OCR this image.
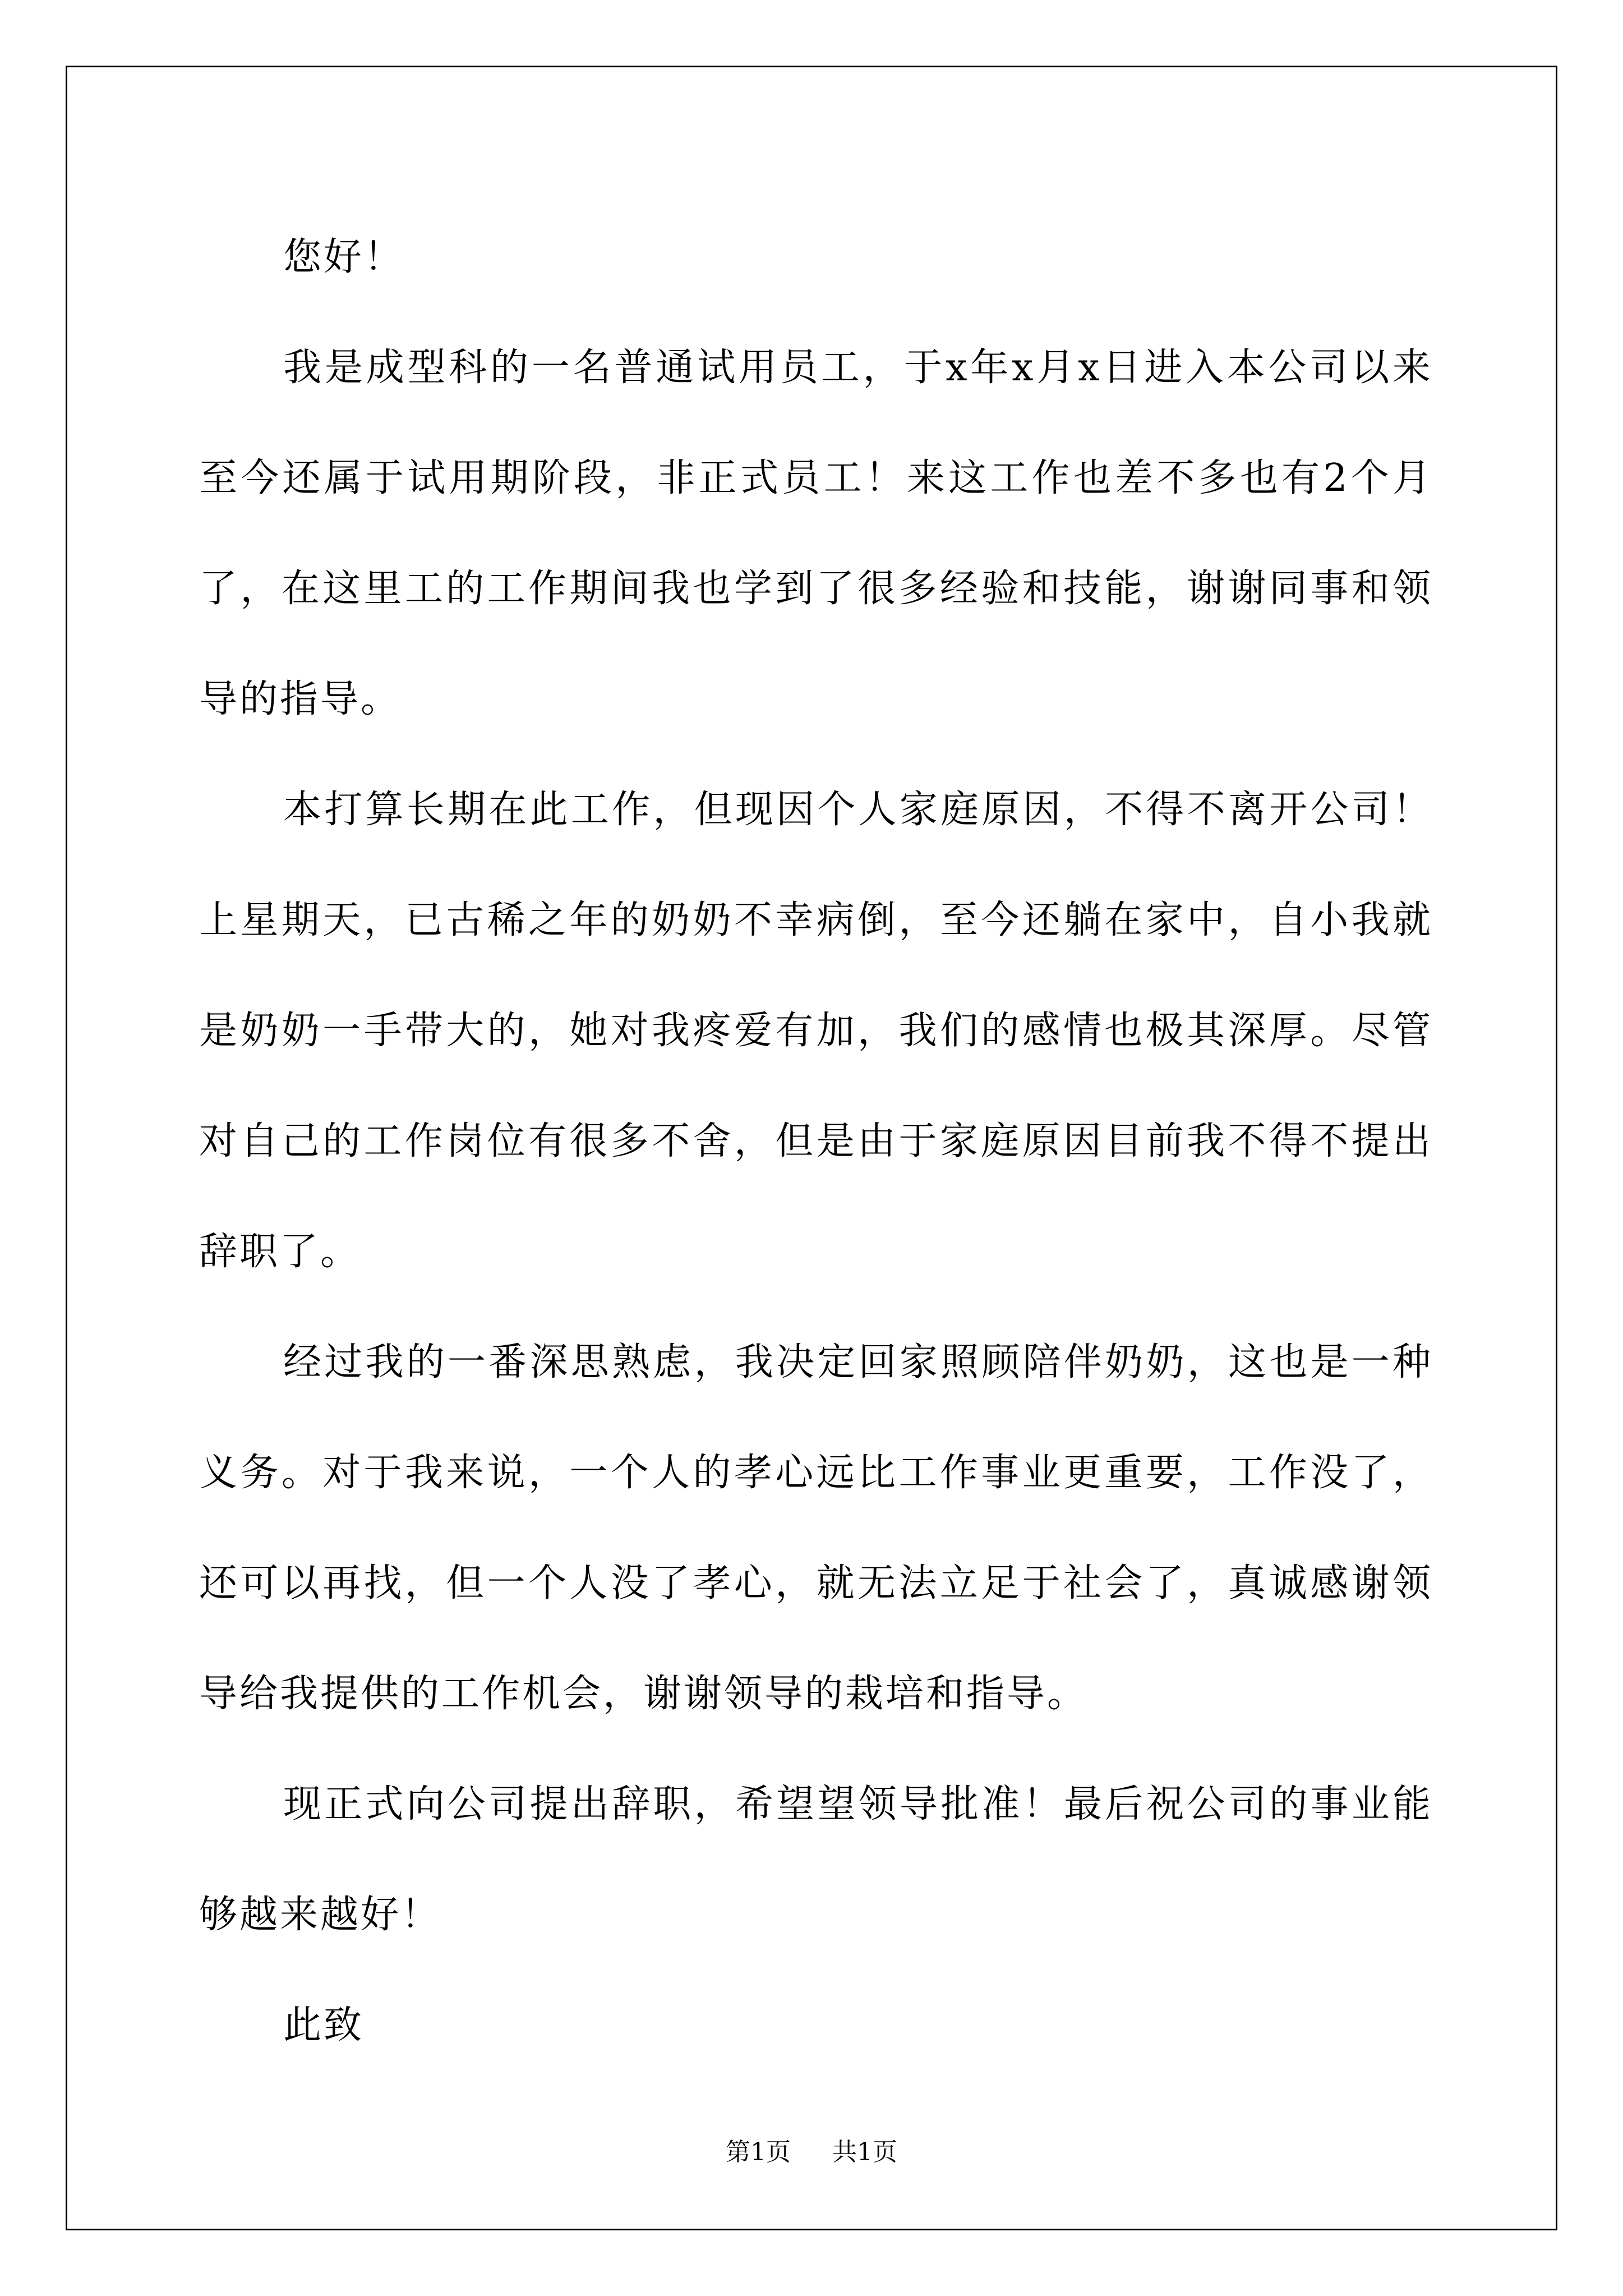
您好！

我是成型科的一名普通试用员工，于x年x月x日进入本公司以来至今还属于试用期阶段，非正式员工！来这工作也差不多也有2个月了，在这里工的工作期间我也学到了很多经验和技能，谢谢同事和领导的指导。

本打算长期在此工作，但现因个人家庭原因，不得不离开公司！上星期天，已古稀之年的奶奶不幸病倒，至今还躺在家中，自小我就是奶奶一手带大的，她对我疼爱有加，我们的感情也极其深厚。尽管对自己的工作岗位有很多不舍，但是由于家庭原因目前我不得不提出辞职了。

经过我的一番深思熟虑，我决定回家照顾陪伴奶奶，这也是一种义务。对于我来说，一个人的孝心远比工作事业更重要，工作没了，还可以再找，但一个人没了孝心，就无法立足于社会了，真诚感谢领导给我提供的工作机会，谢谢领导的栽培和指导。

现正式向公司提出辞职，希望望领导批准！最后祝公司的事业能够越来越好！

此致

第1页 共1页
